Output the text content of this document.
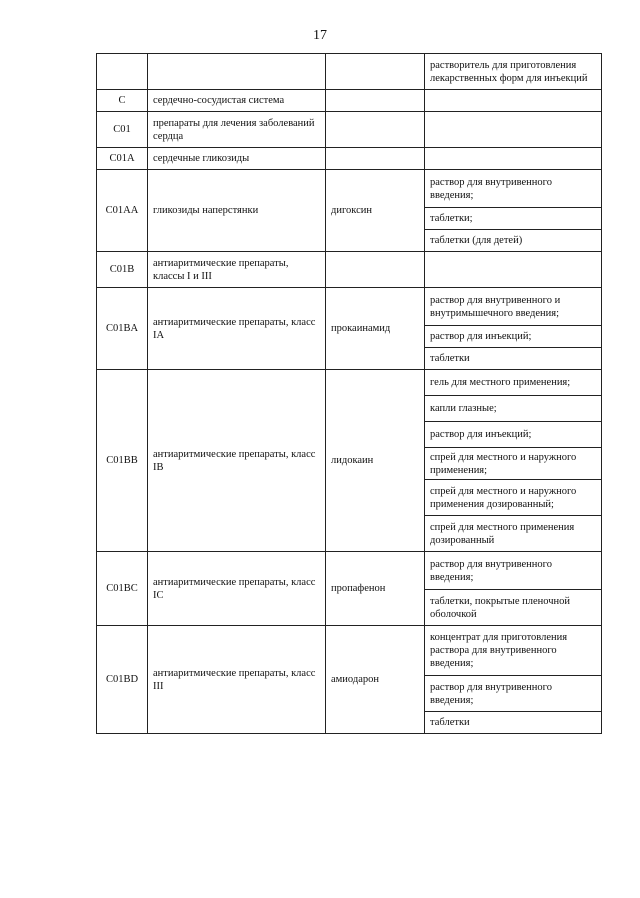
17
			растворитель для приготовления лекарственных форм для инъекций
C	сердечно-сосудистая система		
C01	препараты для лечения заболеваний сердца		
C01A	сердечные гликозиды		
C01AA	гликозиды наперстянки	дигоксин	раствор для внутривенного введения;
			таблетки;
			таблетки (для детей)
C01B	антиаритмические препараты, классы I и III		
C01BA	антиаритмические препараты, класс IA	прокаинамид	раствор для внутривенного и внутримышечного введения;
			раствор для инъекций;
			таблетки
C01BB	антиаритмические препараты, класс IB	лидокаин	гель для местного применения;
			капли глазные;
			раствор для инъекций;
			спрей для местного и наружного применения;
			спрей для местного и наружного применения дозированный;
			спрей для местного применения дозированный
C01BC	антиаритмические препараты, класс IC	пропафенон	раствор для внутривенного введения;
			таблетки, покрытые пленочной оболочкой
C01BD	антиаритмические препараты, класс III	амиодарон	концентрат для приготовления раствора для внутривенного введения;
			раствор для внутривенного введения;
			таблетки
